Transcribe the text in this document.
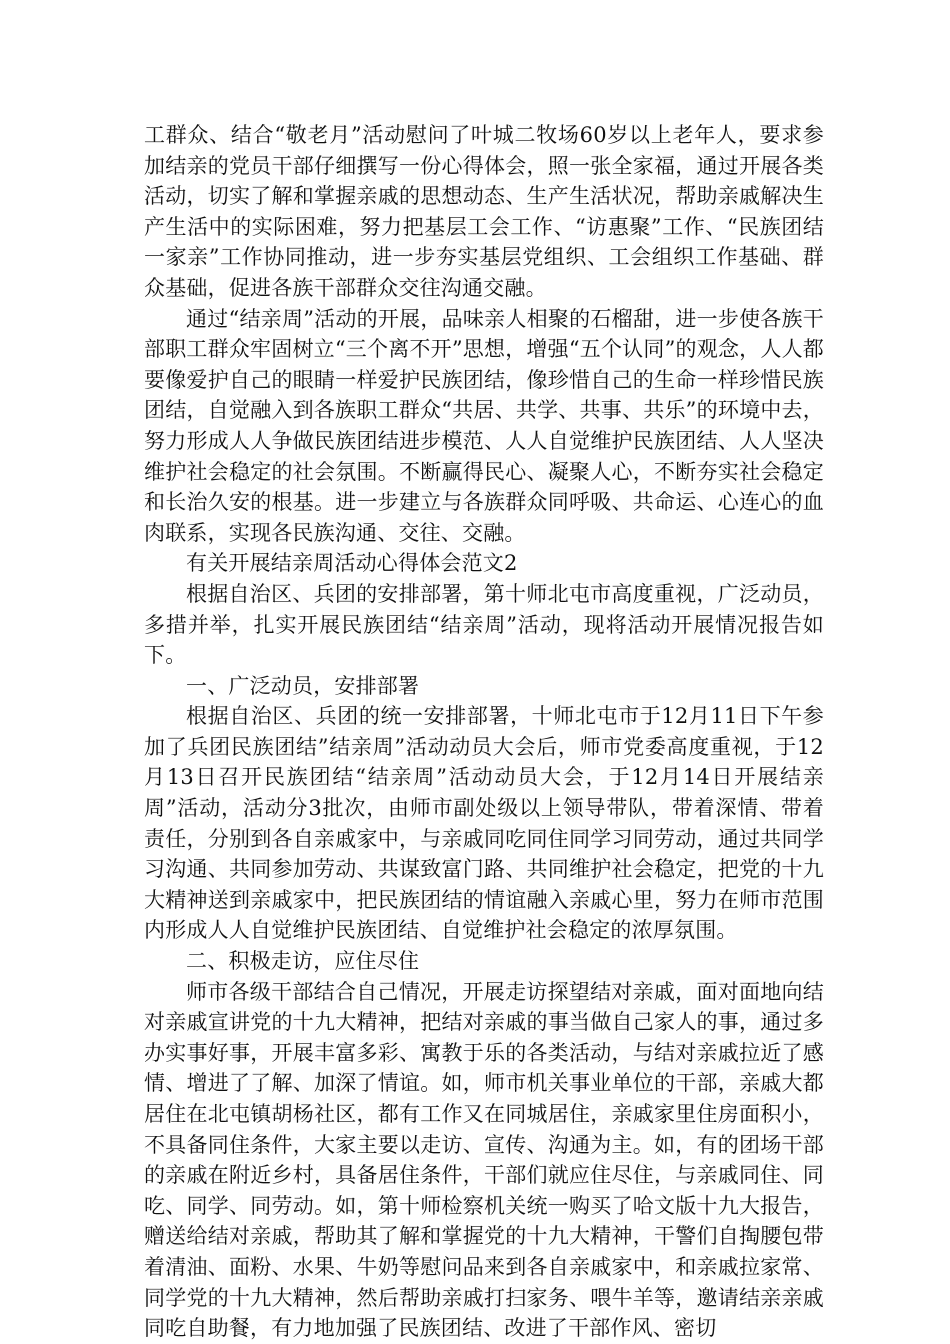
工群众、结合“敬老月”活动慰问了叶城二牧场60岁以上老年人，要求参加结亲的党员干部仔细撰写一份心得体会，照一张全家福，通过开展各类活动，切实了解和掌握亲戚的思想动态、生产生活状况，帮助亲戚解决生产生活中的实际困难，努力把基层工会工作、“访惠聚”工作、“民族团结一家亲”工作协同推动，进一步夯实基层党组织、工会组织工作基础、群众基础，促进各族干部群众交往沟通交融。

通过“结亲周”活动的开展，品味亲人相聚的石榴甜，进一步使各族干部职工群众牢固树立“三个离不开”思想，增强“五个认同”的观念，人人都要像爱护自己的眼睛一样爱护民族团结，像珍惜自己的生命一样珍惜民族团结，自觉融入到各族职工群众“共居、共学、共事、共乐”的环境中去，努力形成人人争做民族团结进步模范、人人自觉维护民族团结、人人坚决维护社会稳定的社会氛围。不断赢得民心、凝聚人心，不断夯实社会稳定和长治久安的根基。进一步建立与各族群众同呼吸、共命运、心连心的血肉联系，实现各民族沟通、交往、交融。

有关开展结亲周活动心得体会范文2

根据自治区、兵团的安排部署，第十师北屯市高度重视，广泛动员，多措并举，扎实开展民族团结“结亲周”活动，现将活动开展情况报告如下。

一、广泛动员，安排部署

根据自治区、兵团的统一安排部署，十师北屯市于12月11日下午参加了兵团民族团结”结亲周”活动动员大会后，师市党委高度重视，于12月13日召开民族团结“结亲周”活动动员大会，于12月14日开展结亲周”活动，活动分3批次，由师市副处级以上领导带队，带着深情、带着责任，分别到各自亲戚家中，与亲戚同吃同住同学习同劳动，通过共同学习沟通、共同参加劳动、共谋致富门路、共同维护社会稳定，把党的十九大精神送到亲戚家中，把民族团结的情谊融入亲戚心里，努力在师市范围内形成人人自觉维护民族团结、自觉维护社会稳定的浓厚氛围。

二、积极走访，应住尽住

师市各级干部结合自己情况，开展走访探望结对亲戚，面对面地向结对亲戚宣讲党的十九大精神，把结对亲戚的事当做自己家人的事，通过多办实事好事，开展丰富多彩、寓教于乐的各类活动，与结对亲戚拉近了感情、增进了了解、加深了情谊。如，师市机关事业单位的干部，亲戚大都居住在北屯镇胡杨社区，都有工作又在同城居住，亲戚家里住房面积小，不具备同住条件，大家主要以走访、宣传、沟通为主。如，有的团场干部的亲戚在附近乡村，具备居住条件，干部们就应住尽住，与亲戚同住、同吃、同学、同劳动。如，第十师检察机关统一购买了哈文版十九大报告，赠送给结对亲戚，帮助其了解和掌握党的十九大精神，干警们自掏腰包带着清油、面粉、水果、牛奶等慰问品来到各自亲戚家中，和亲戚拉家常、同学党的十九大精神，然后帮助亲戚打扫家务、喂牛羊等，邀请结亲亲戚同吃自助餐，有力地加强了民族团结、改进了干部作风、密切
